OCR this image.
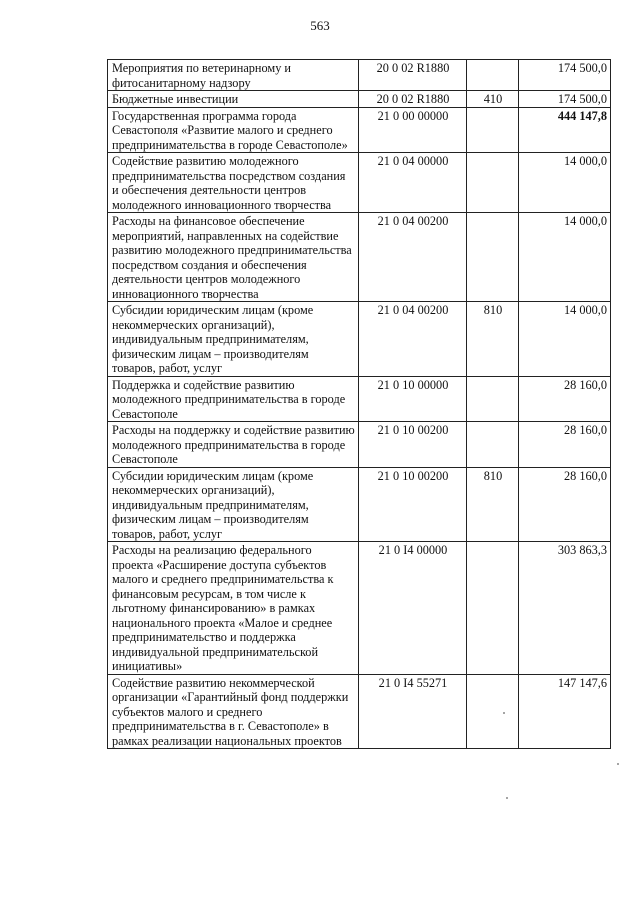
563
Мероприятия по ветеринарному и фитосанитарному надзору	20 0 02 R1880		174 500,0
Бюджетные инвестиции	20 0 02 R1880	410	174 500,0
Государственная программа города Севастополя «Развитие малого и среднего предпринимательства в городе Севастополе»	21 0 00 00000		444 147,8
Содействие развитию молодежного предпринимательства посредством создания и обеспечения деятельности центров молодежного инновационного творчества	21 0 04 00000		14 000,0
Расходы на финансовое обеспечение мероприятий, направленных на содействие развитию молодежного предпринимательства посредством создания и обеспечения деятельности центров молодежного инновационного творчества	21 0 04 00200		14 000,0
Субсидии юридическим лицам (кроме некоммерческих организаций), индивидуальным предпринимателям, физическим лицам – производителям товаров, работ, услуг	21 0 04 00200	810	14 000,0
Поддержка и содействие развитию молодежного предпринимательства в городе Севастополе	21 0 10 00000		28 160,0
Расходы на поддержку и содействие развитию молодежного предпринимательства в городе Севастополе	21 0 10 00200		28 160,0
Субсидии юридическим лицам (кроме некоммерческих организаций), индивидуальным предпринимателям, физическим лицам – производителям товаров, работ, услуг	21 0 10 00200	810	28 160,0
Расходы на реализацию федерального проекта «Расширение доступа субъектов малого и среднего предпринимательства к финансовым ресурсам, в том числе к льготному финансированию» в рамках национального проекта «Малое и среднее предпринимательство и поддержка индивидуальной предпринимательской инициативы»	21 0 I4 00000		303 863,3
Содействие развитию некоммерческой организации «Гарантийный фонд поддержки субъектов малого и среднего предпринимательства в г. Севастополе» в рамках реализации национальных проектов	21 0 I4 55271		147 147,6
